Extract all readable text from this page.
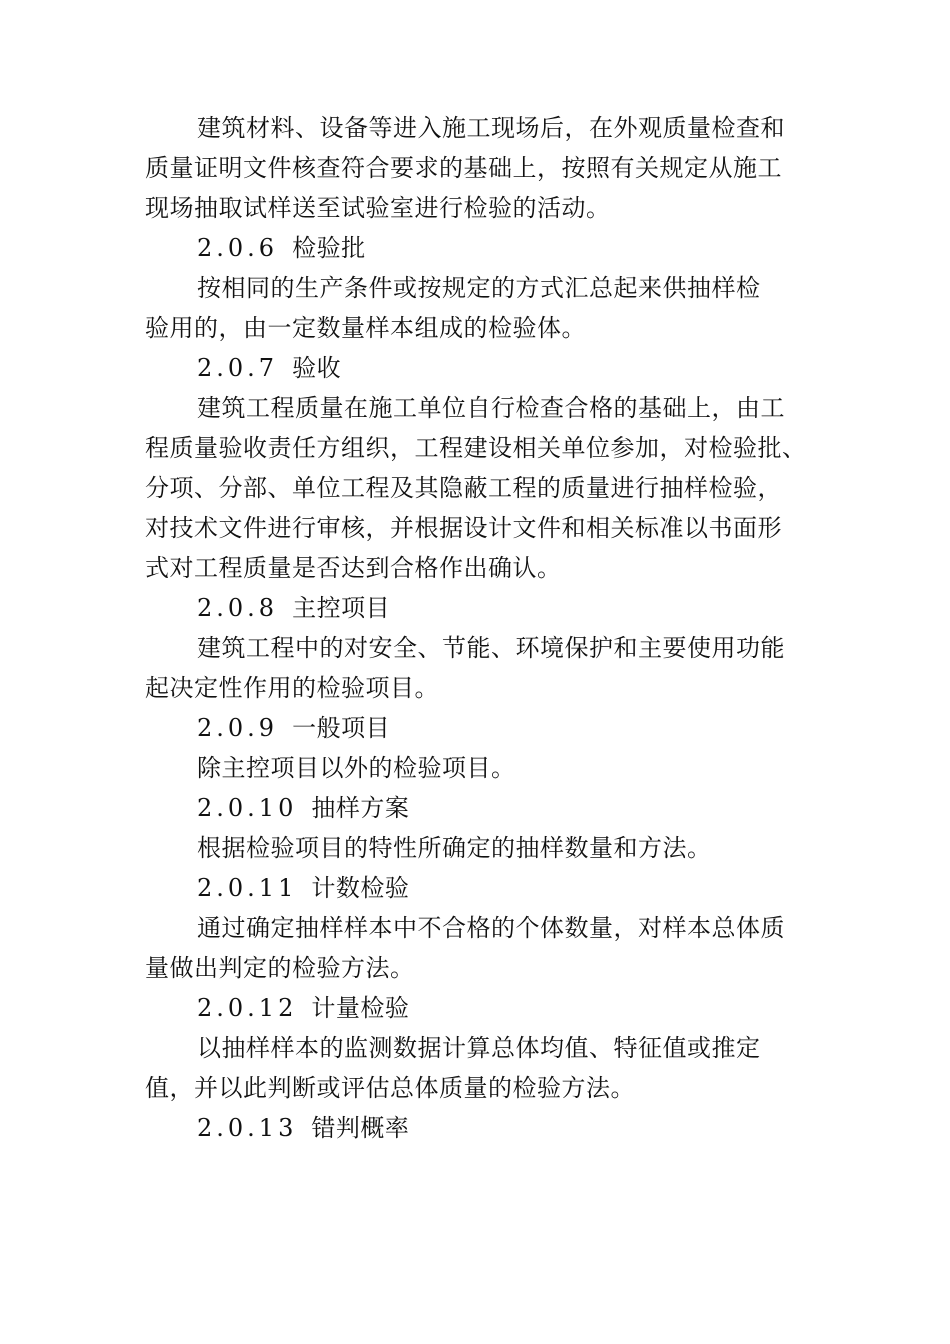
建筑材料、设备等进入施工现场后，在外观质量检查和
质量证明文件核查符合要求的基础上，按照有关规定从施工
现场抽取试样送至试验室进行检验的活动。
2.0.6 检验批
按相同的生产条件或按规定的方式汇总起来供抽样检
验用的，由一定数量样本组成的检验体。
2.0.7 验收
建筑工程质量在施工单位自行检查合格的基础上，由工
程质量验收责任方组织，工程建设相关单位参加，对检验批、
分项、分部、单位工程及其隐蔽工程的质量进行抽样检验，
对技术文件进行审核，并根据设计文件和相关标准以书面形
式对工程质量是否达到合格作出确认。
2.0.8 主控项目
建筑工程中的对安全、节能、环境保护和主要使用功能
起决定性作用的检验项目。
2.0.9 一般项目
除主控项目以外的检验项目。
2.0.10 抽样方案
根据检验项目的特性所确定的抽样数量和方法。
2.0.11 计数检验
通过确定抽样样本中不合格的个体数量，对样本总体质
量做出判定的检验方法。
2.0.12 计量检验
以抽样样本的监测数据计算总体均值、特征值或推定
值，并以此判断或评估总体质量的检验方法。
2.0.13 错判概率
